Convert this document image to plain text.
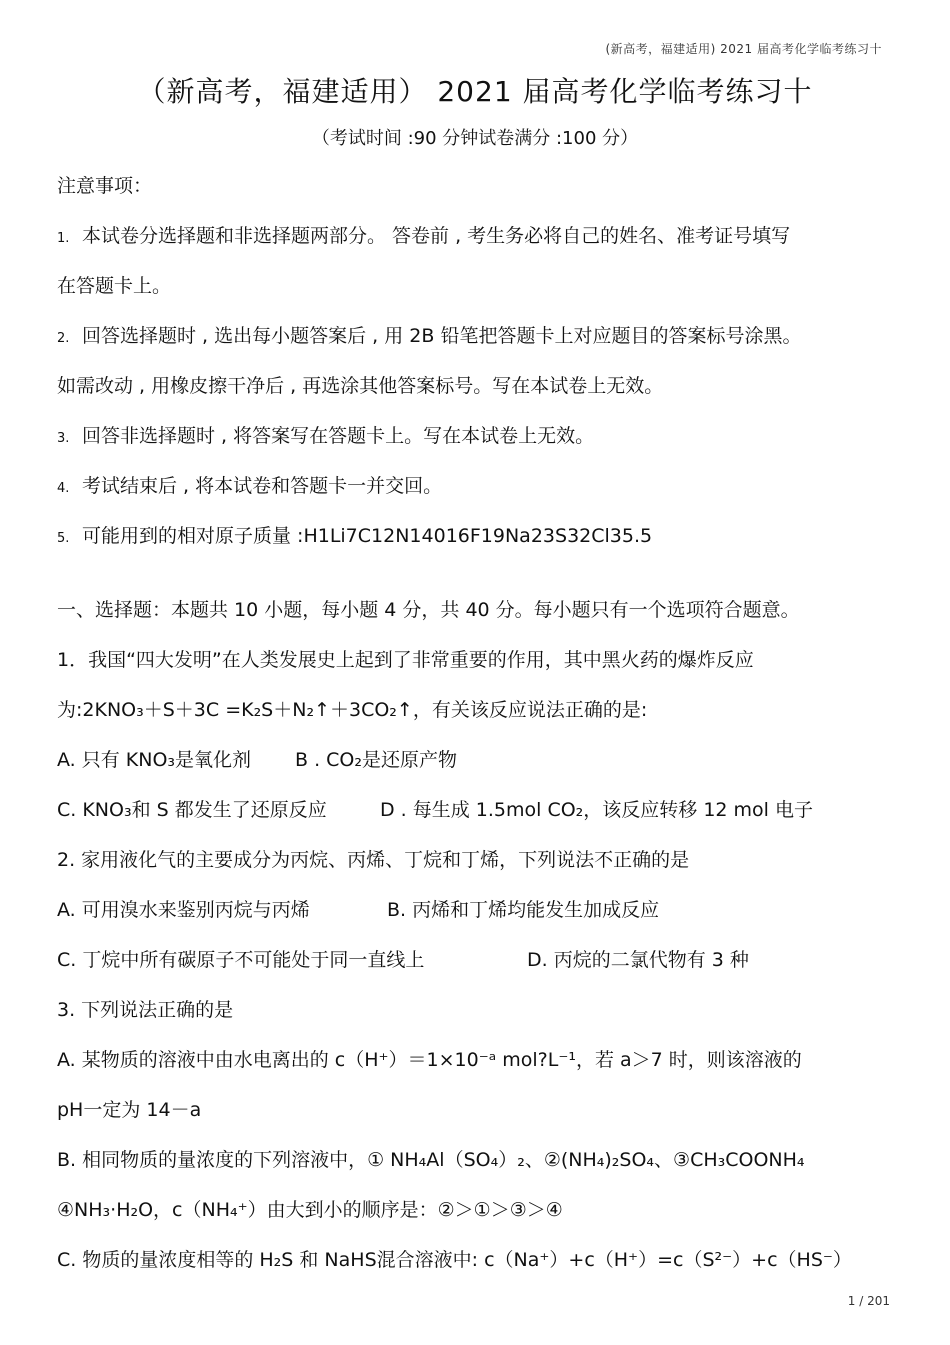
(新高考，福建适用) 2021 届高考化学临考练习十
（新高考，福建适用） 2021 届高考化学临考练习十
（考试时间 :90 分钟试卷满分 :100 分）
注意事项：
1. 本试卷分选择题和非选择题两部分。 答卷前 , 考生务必将自己的姓名、准考证号填写
在答题卡上。
2. 回答选择题时 , 选出每小题答案后 , 用 2B 铅笔把答题卡上对应题目的答案标号涂黑。
如需改动 , 用橡皮擦干净后 , 再选涂其他答案标号。写在本试卷上无效。
3. 回答非选择题时 , 将答案写在答题卡上。写在本试卷上无效。
4. 考试结束后 , 将本试卷和答题卡一并交回。
5. 可能用到的相对原子质量 :H1Li7C12N14016F19Na23S32Cl35.5
一、选择题：本题共 10 小题，每小题 4 分，共 40 分。每小题只有一个选项符合题意。
1．我国“四大发明”在人类发展史上起到了非常重要的作用，其中黑火药的爆炸反应
为:2KNO₃＋S＋3C =K₂S＋N₂↑＋3CO₂↑，有关该反应说法正确的是:
A. 只有 KNO₃是氧化剂 B . CO₂是还原产物
C. KNO₃和 S 都发生了还原反应	D . 每生成 1.5mol CO₂，该反应转移 12 mol 电子
2. 家用液化气的主要成分为丙烷、丙烯、丁烷和丁烯，下列说法不正确的是
A. 可用溴水来鉴别丙烷与丙烯	B. 丙烯和丁烯均能发生加成反应
C. 丁烷中所有碳原子不可能处于同一直线上	D. 丙烷的二氯代物有 3 种
3. 下列说法正确的是
A. 某物质的溶液中由水电离出的 c（H⁺）＝1×10⁻ᵃ mol?L⁻¹，若 a＞7 时，则该溶液的
pH一定为 14－a
B. 相同物质的量浓度的下列溶液中，① NH₄Al（SO₄）₂、②(NH₄)₂SO₄、③CH₃COONH₄
④NH₃·H₂O，c（NH₄⁺）由大到小的顺序是：②＞①＞③＞④
C. 物质的量浓度相等的 H₂S 和 NaHS混合溶液中: c（Na⁺）+c（H⁺）=c（S²⁻）+c（HS⁻）
1 / 201
